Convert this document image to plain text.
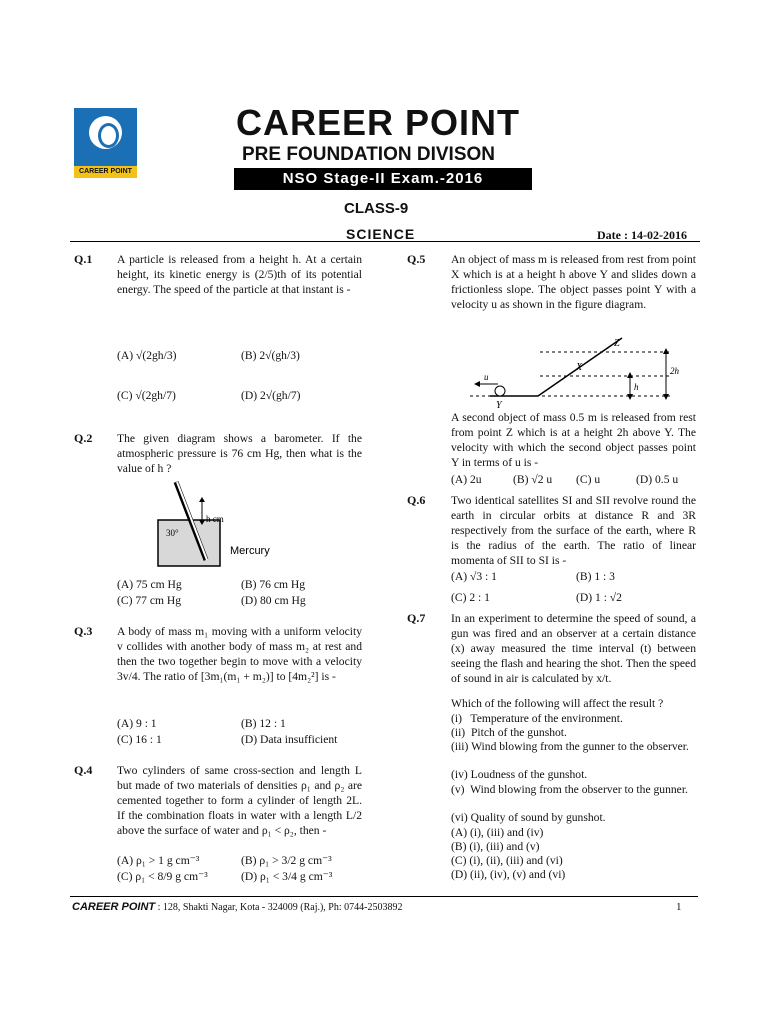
CAREER POINT
CAREER POINT
PRE FOUNDATION DIVISON
NSO Stage-II Exam.-2016
CLASS-9
SCIENCE	Date : 14-02-2016
Q.1 A particle is released from a height h. At a certain height, its kinetic energy is (2/5)th of its potential energy. The speed of the particle at that instant is -
(A) √(2gh/3)	(B) 2√(gh/3)
(C) √(2gh/7)	(D) 2√(gh/7)
Q.2 The given diagram shows a barometer. If the atmospheric pressure is 76 cm Hg, then what is the value of h ?
30°
h cm
Mercury
(A) 75 cm Hg	(B) 76 cm Hg
(C) 77 cm Hg	(D) 80 cm Hg
Q.3 A body of mass m₁ moving with a uniform velocity v collides with another body of mass m₂ at rest and then the two together begin to move with a velocity 3v/4. The ratio of [3m₁(m₁ + m₂)] to [4m₂²] is -
(A) 9 : 1	(B) 12 : 1
(C) 16 : 1	(D) Data insufficient
Q.4 Two cylinders of same cross-section and length L but made of two materials of densities ρ₁ and ρ₂ are cemented together to form a cylinder of length 2L. If the combination floats in water with a length L/2 above the surface of water and ρ₁ < ρ₂, then -
(A) ρ₁ > 1 g cm⁻³	(B) ρ₁ > 3/2 g cm⁻³
(C) ρ₁ < 8/9 g cm⁻³	(D) ρ₁ < 3/4 g cm⁻³
Q.5 An object of mass m is released from rest from point X which is at a height h above Y and slides down a frictionless slope. The object passes point Y with a velocity u as shown in the figure diagram.
Z
X
Y
u
h
2h
A second object of mass 0.5 m is released from rest from point Z which is at a height 2h above Y. The velocity with which the second object passes point Y in terms of u is -
(A) 2u	(B) √2 u (C) u	(D) 0.5 u
Q.6 Two identical satellites SI and SII revolve round the earth in circular orbits at distance R and 3R respectively from the surface of the earth, where R is the radius of the earth. The ratio of linear momenta of SII to SI is -
(A) √3 : 1	(B) 1 : 3
(C) 2 : 1	(D) 1 : √2
Q.7 In an experiment to determine the speed of sound, a gun was fired and an observer at a certain distance (x) away measured the time interval (t) between seeing the flash and hearing the shot. Then the speed of sound in air is calculated by x/t.
Which of the following will affect the result ?
(i)   Temperature of the environment.
(ii)  Pitch of the gunshot.
(iii) Wind blowing from the gunner to the observer.
(iv) Loudness of the gunshot.
(v)  Wind blowing from the observer to the gunner.
(vi) Quality of sound by gunshot.
(A) (i), (iii) and (iv)
(B) (i), (iii) and (v)
(C) (i), (ii), (iii) and (vi)
(D) (ii), (iv), (v) and (vi)
CAREER POINT : 128, Shakti Nagar, Kota - 324009 (Raj.), Ph: 0744-2503892	1
